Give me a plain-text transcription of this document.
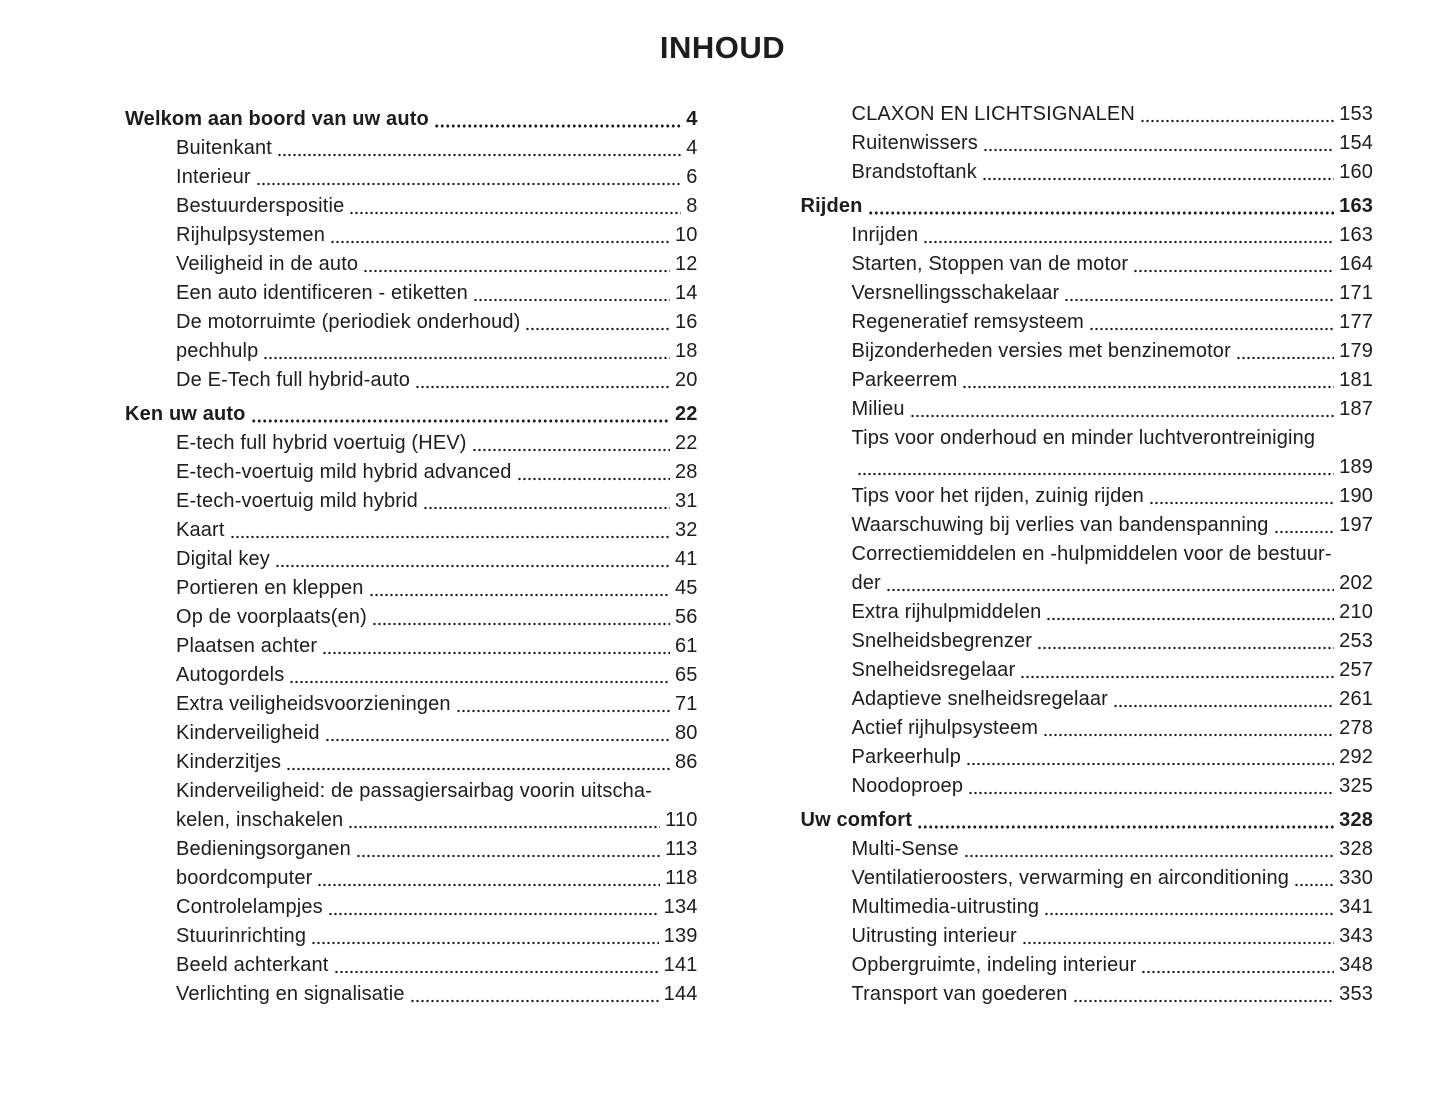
INHOUD
Welkom aan boord van uw auto	4
Buitenkant	4
Interieur	6
Bestuurderspositie	8
Rijhulpsystemen	10
Veiligheid in de auto	12
Een auto identificeren - etiketten	14
De motorruimte (periodiek onderhoud)	16
pechhulp	18
De E-Tech full hybrid-auto	20
Ken uw auto	22
E-tech full hybrid voertuig (HEV)	22
E-tech-voertuig mild hybrid advanced	28
E-tech-voertuig mild hybrid	31
Kaart	32
Digital key	41
Portieren en kleppen	45
Op de voorplaats(en)	56
Plaatsen achter	61
Autogordels	65
Extra veiligheidsvoorzieningen	71
Kinderveiligheid	80
Kinderzitjes	86
Kinderveiligheid: de passagiersairbag voorin uitscha-
kelen, inschakelen	110
Bedieningsorganen	113
boordcomputer	118
Controlelampjes	134
Stuurinrichting	139
Beeld achterkant	141
Verlichting en signalisatie	144
CLAXON EN LICHTSIGNALEN	153
Ruitenwissers	154
Brandstoftank	160
Rijden	163
Inrijden	163
Starten, Stoppen van de motor	164
Versnellingsschakelaar	171
Regeneratief remsysteem	177
Bijzonderheden versies met benzinemotor	179
Parkeerrem	181
Milieu	187
Tips voor onderhoud en minder luchtverontreiniging
189
Tips voor het rijden, zuinig rijden	190
Waarschuwing bij verlies van bandenspanning	197
Correctiemiddelen en -hulpmiddelen voor de bestuur-
der	202
Extra rijhulpmiddelen	210
Snelheidsbegrenzer	253
Snelheidsregelaar	257
Adaptieve snelheidsregelaar	261
Actief rijhulpsysteem	278
Parkeerhulp	292
Noodoproep	325
Uw comfort	328
Multi-Sense	328
Ventilatieroosters, verwarming en airconditioning	330
Multimedia-uitrusting	341
Uitrusting interieur	343
Opbergruimte, indeling interieur	348
Transport van goederen	353
